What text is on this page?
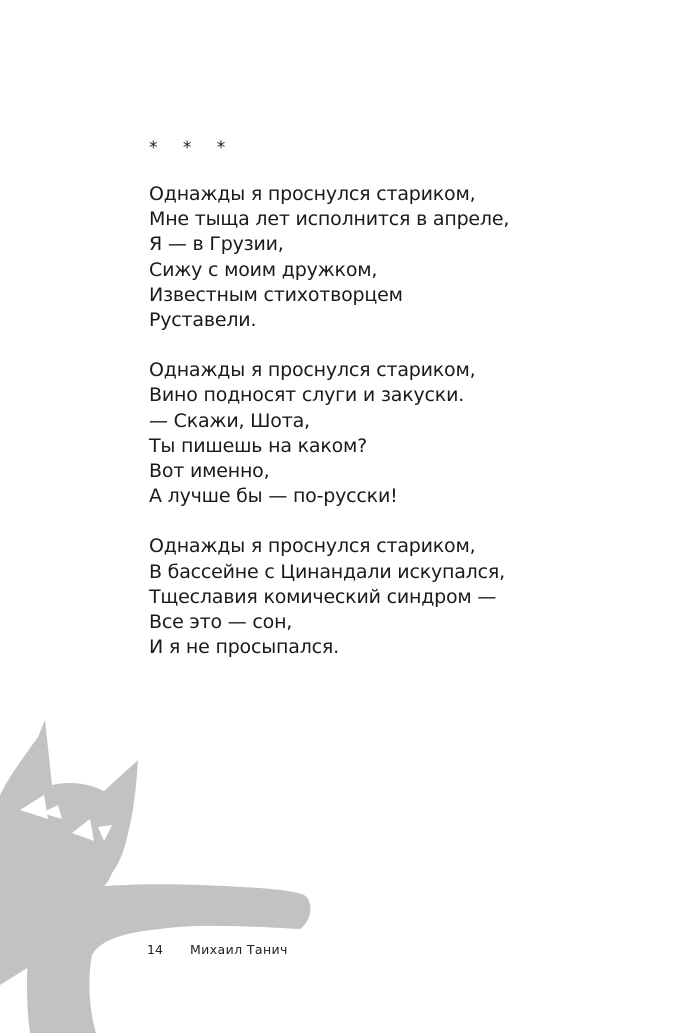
* * *
Однажды я проснулся стариком,
Мне тыща лет исполнится в апреле,
Я — в Грузии,
Сижу с моим дружком,
Известным стихотворцем
Руставели.
Однажды я проснулся стариком,
Вино подносят слуги и закуски.
— Скажи, Шота,
Ты пишешь на каком?
Вот именно,
А лучше бы — по-русски!
Однажды я проснулся стариком,
В бассейне с Цинандали искупался,
Тщеславия комический синдром —
Все это — сон,
И я не просыпался.
14 Михаил Танич
